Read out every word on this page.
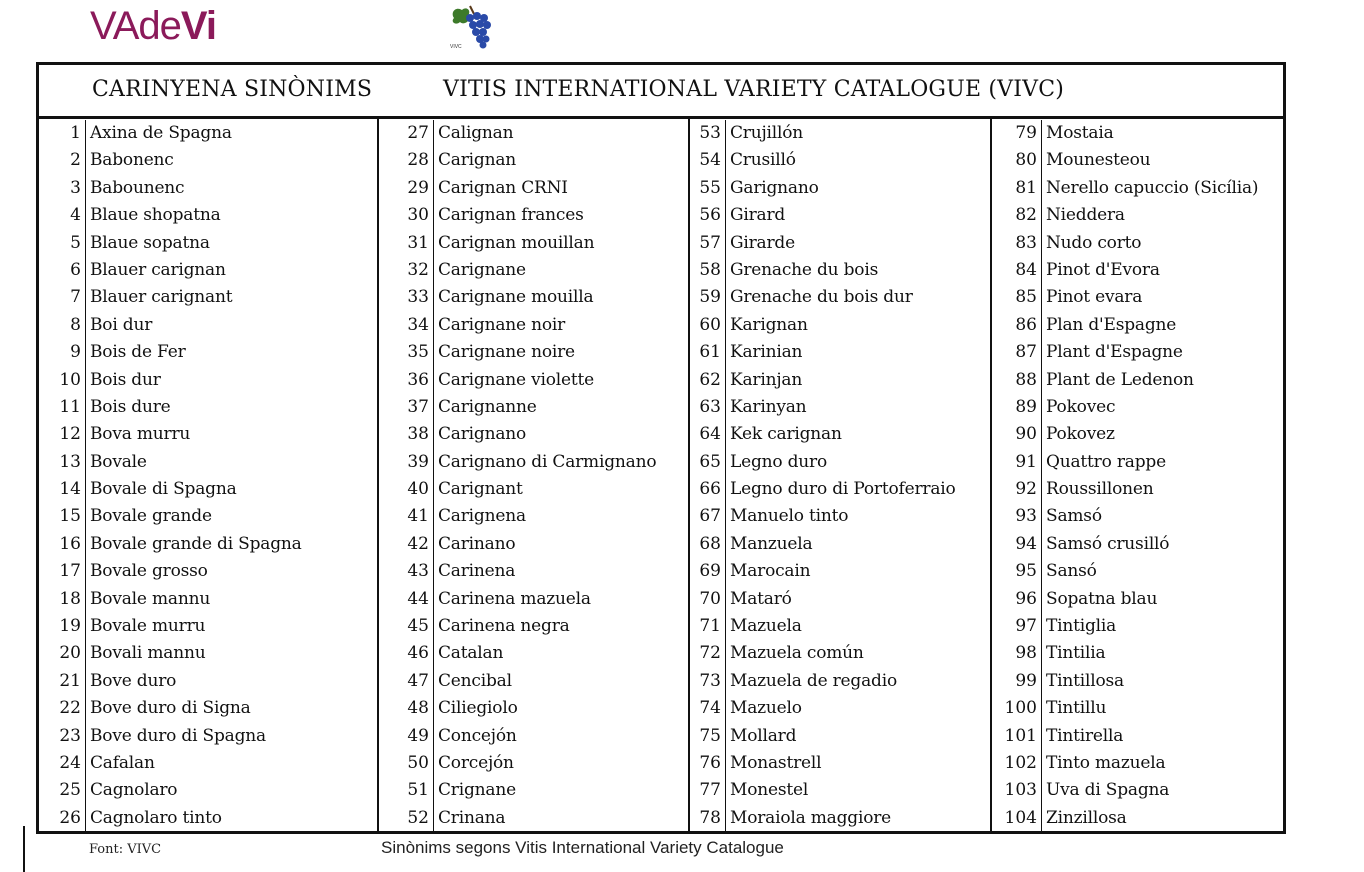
VAdeVi	VIVC
CARINYENA SINÒNIMS	VITIS INTERNATIONAL VARIETY CATALOGUE (VIVC)
1 Axina de Spagna
2 Babonenc
3 Babounenc
4 Blaue shopatna
5 Blaue sopatna
6 Blauer carignan
7 Blauer carignant
8 Boi dur
9 Bois de Fer
10 Bois dur
11 Bois dure
12 Bova murru
13 Bovale
14 Bovale di Spagna
15 Bovale grande
16 Bovale grande di Spagna
17 Bovale grosso
18 Bovale mannu
19 Bovale murru
20 Bovali mannu
21 Bove duro
22 Bove duro di Signa
23 Bove duro di Spagna
24 Cafalan
25 Cagnolaro
26 Cagnolaro tinto
27 Calignan
28 Carignan
29 Carignan CRNI
30 Carignan frances
31 Carignan mouillan
32 Carignane
33 Carignane mouilla
34 Carignane noir
35 Carignane noire
36 Carignane violette
37 Carignanne
38 Carignano
39 Carignano di Carmignano
40 Carignant
41 Carignena
42 Carinano
43 Carinena
44 Carinena mazuela
45 Carinena negra
46 Catalan
47 Cencibal
48 Ciliegiolo
49 Concejón
50 Corcejón
51 Crignane
52 Crinana
53 Crujillón
54 Crusilló
55 Garignano
56 Girard
57 Girarde
58 Grenache du bois
59 Grenache du bois dur
60 Karignan
61 Karinian
62 Karinjan
63 Karinyan
64 Kek carignan
65 Legno duro
66 Legno duro di Portoferraio
67 Manuelo tinto
68 Manzuela
69 Marocain
70 Mataró
71 Mazuela
72 Mazuela común
73 Mazuela de regadio
74 Mazuelo
75 Mollard
76 Monastrell
77 Monestel
78 Moraiola maggiore
79 Mostaia
80 Mounesteou
81 Nerello capuccio (Sicília)
82 Nieddera
83 Nudo corto
84 Pinot d'Evora
85 Pinot evara
86 Plan d'Espagne
87 Plant d'Espagne
88 Plant de Ledenon
89 Pokovec
90 Pokovez
91 Quattro rappe
92 Roussillonen
93 Samsó
94 Samsó crusilló
95 Sansó
96 Sopatna blau
97 Tintiglia
98 Tintilia
99 Tintillosa
100 Tintillu
101 Tintirella
102 Tinto mazuela
103 Uva di Spagna
104 Zinzillosa
Font: VIVC	Sinònims segons Vitis International Variety Catalogue
